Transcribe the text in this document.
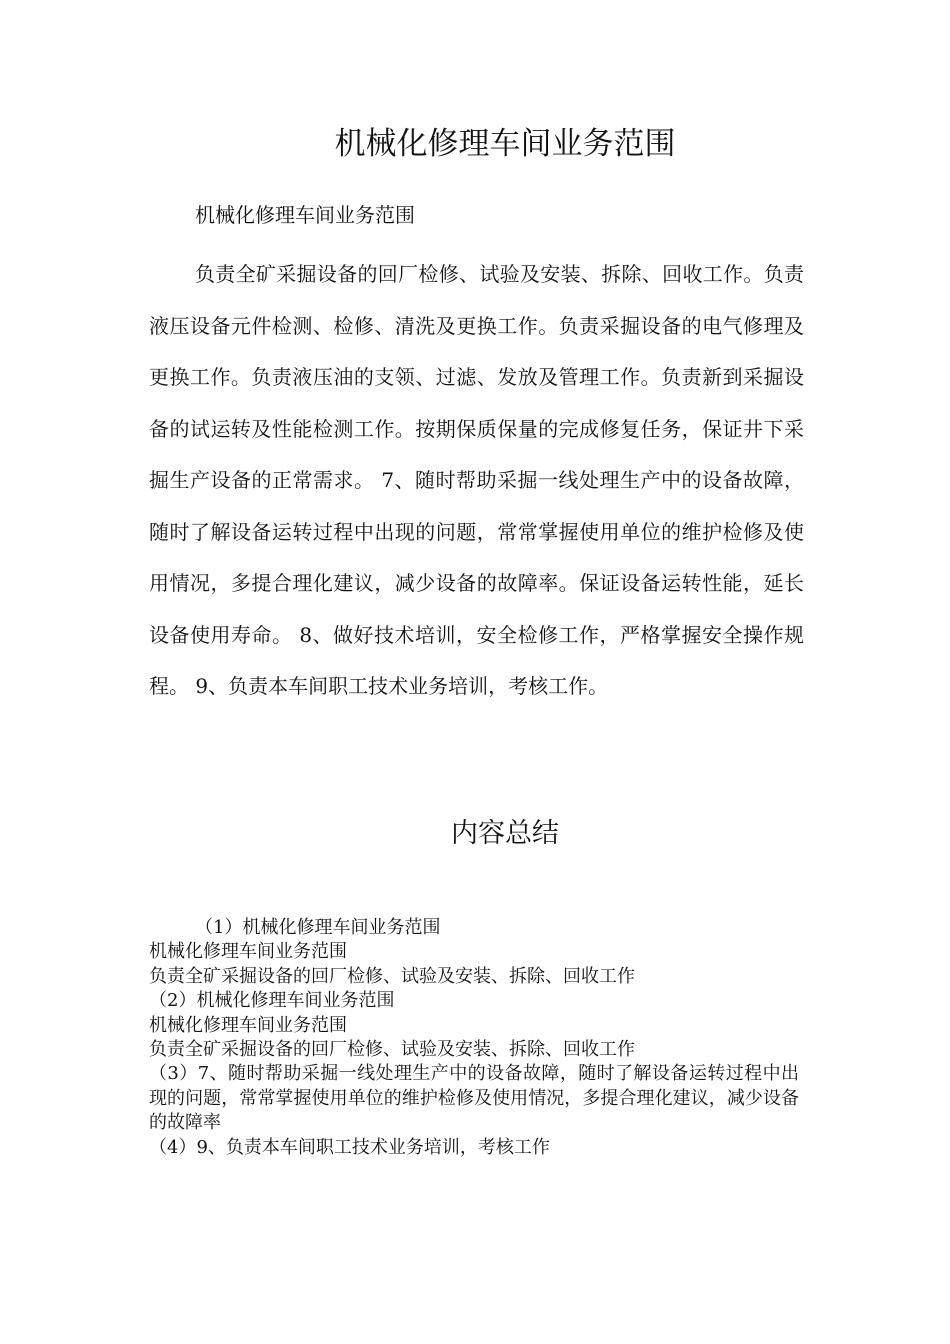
机械化修理车间业务范围

机械化修理车间业务范围

负责全矿采掘设备的回厂检修、试验及安装、拆除、回收工作。负责液压设备元件检测、检修、清洗及更换工作。负责采掘设备的电气修理及更换工作。负责液压油的支领、过滤、发放及管理工作。负责新到采掘设备的试运转及性能检测工作。按期保质保量的完成修复任务，保证井下采掘生产设备的正常需求。 7、随时帮助采掘一线处理生产中的设备故障，随时了解设备运转过程中出现的问题，常常掌握使用单位的维护检修及使用情况，多提合理化建议，减少设备的故障率。保证设备运转性能，延长设备使用寿命。 8、做好技术培训，安全检修工作，严格掌握安全操作规程。 9、负责本车间职工技术业务培训，考核工作。

内容总结
（1）机械化修理车间业务范围
机械化修理车间业务范围
负责全矿采掘设备的回厂检修、试验及安装、拆除、回收工作
（2）机械化修理车间业务范围
机械化修理车间业务范围
负责全矿采掘设备的回厂检修、试验及安装、拆除、回收工作
（3）7、随时帮助采掘一线处理生产中的设备故障，随时了解设备运转过程中出现的问题，常常掌握使用单位的维护检修及使用情况，多提合理化建议，减少设备的故障率
（4）9、负责本车间职工技术业务培训，考核工作
